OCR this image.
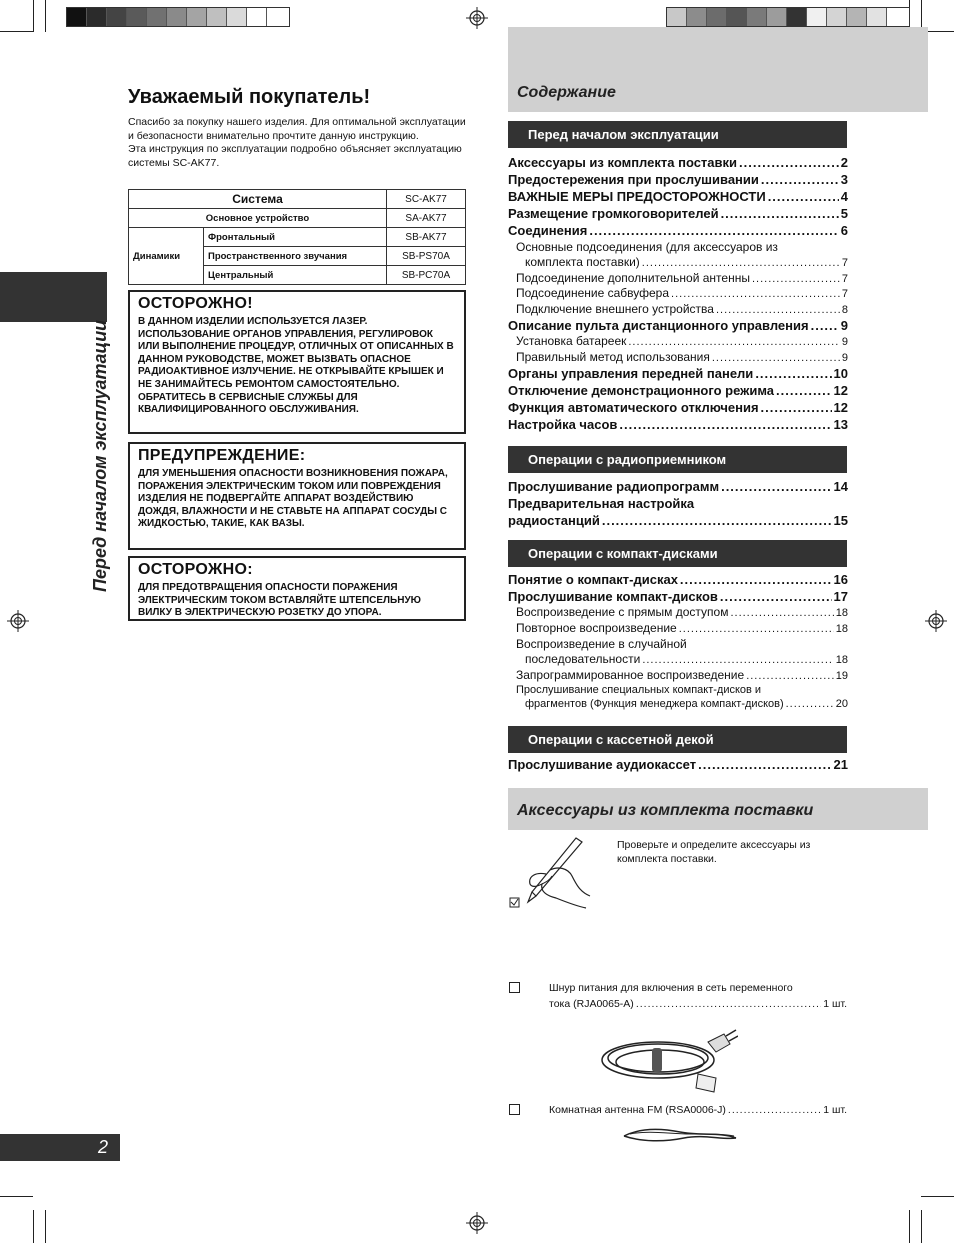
Перед началом эксплуатации
2
Уважаемый покупатель!

Спасибо за покупку нашего изделия. Для оптимальной эксплуатации и безопасности внимательно прочтите данную инструкцию.

Эта инструкция по эксплуатации подробно объясняет эксплуатацию системы SC-AK77.

Система		SC-AK77
Основное устройство		SA-AK77
Динамики	Фронтальный	SB-AK77
	Пространственного звучания	SB-PS70A
	Центральный	SB-PC70A
ОСТОРОЖНО!
В ДАННОМ ИЗДЕЛИИ ИСПОЛЬЗУЕТСЯ ЛАЗЕР. ИСПОЛЬЗОВАНИЕ ОРГАНОВ УПРАВЛЕНИЯ, РЕГУЛИРОВОК ИЛИ ВЫПОЛНЕНИЕ ПРОЦЕДУР, ОТЛИЧНЫХ ОТ ОПИСАННЫХ В ДАННОМ РУКОВОДСТВЕ, МОЖЕТ ВЫЗВАТЬ ОПАСНОЕ РАДИОАКТИВНОЕ ИЗЛУЧЕНИЕ. НЕ ОТКРЫВАЙТЕ КРЫШЕК И НЕ ЗАНИМАЙТЕСЬ РЕМОНТОМ САМОСТОЯТЕЛЬНО. ОБРАТИТЕСЬ В СЕРВИСНЫЕ СЛУЖБЫ ДЛЯ КВАЛИФИЦИРОВАННОГО ОБСЛУЖИВАНИЯ.
ПРЕДУПРЕЖДЕНИЕ:
ДЛЯ УМЕНЬШЕНИЯ ОПАСНОСТИ ВОЗНИКНОВЕНИЯ ПОЖАРА, ПОРАЖЕНИЯ ЭЛЕКТРИЧЕСКИМ ТОКОМ ИЛИ ПОВРЕЖДЕНИЯ ИЗДЕЛИЯ НЕ ПОДВЕРГАЙТЕ АППАРАТ ВОЗДЕЙСТВИЮ ДОЖДЯ, ВЛАЖНОСТИ И НЕ СТАВЬТЕ НА АППАРАТ СОСУДЫ С ЖИДКОСТЬЮ, ТАКИЕ, КАК ВАЗЫ.
ОСТОРОЖНО:
ДЛЯ ПРЕДОТВРАЩЕНИЯ ОПАСНОСТИ ПОРАЖЕНИЯ ЭЛЕКТРИЧЕСКИМ ТОКОМ ВСТАВЛЯЙТЕ ШТЕПСЕЛЬНУЮ ВИЛКУ В ЭЛЕКТРИЧЕСКУЮ РОЗЕТКУ ДО УПОРА.
Содержание
Перед началом эксплуатации
Аксессуары из комплекта поставки .....	2
Предостережения при прослушивании .....	3
ВАЖНЫЕ МЕРЫ ПРЕДОСТОРОЖНОСТИ .....	4
Размещение громкоговорителей .....	5
Соединения .....	6
Основные подсоединения (для аксессуаров из
комплекта поставки) .....	7
Подсоединение дополнительной антенны .....	7
Подсоединение сабвуфера .....	7
Подключение внешнего устройства .....	8
Описание пульта дистанционного управления ..... 9
Установка батареек .....	9
Правильный метод использования .....	9
Органы управления передней панели .....	10
Отключение демонстрационного режима .....	12
Функция автоматического отключения .....	12
Настройка часов .....	13
Операции с радиоприемником
Прослушивание радиопрограмм .....	14
Предварительная настройка
радиостанций .....	15
Операции с компакт-дисками
Понятие о компакт-дисках .....	16
Прослушивание компакт-дисков .....	17
Воспроизведение с прямым доступом .....	18
Повторное воспроизведение .....	18
Воспроизведение в случайной
последовательности .....	18
Запрограммированное воспроизведение .....	19
Прослушивание специальных компакт-дисков и
фрагментов (Функция менеджера компакт-дисков) .....	20
Операции с кассетной декой
Прослушивание аудиокассет .....	21
Аксессуары из комплекта поставки
Проверьте и определите аксессуары из комплекта поставки.
Шнур питания для включения в сеть переменного
тока (RJA0065-A) .....	1 шт.
Комнатная антенна FM (RSA0006-J) .....	1 шт.
